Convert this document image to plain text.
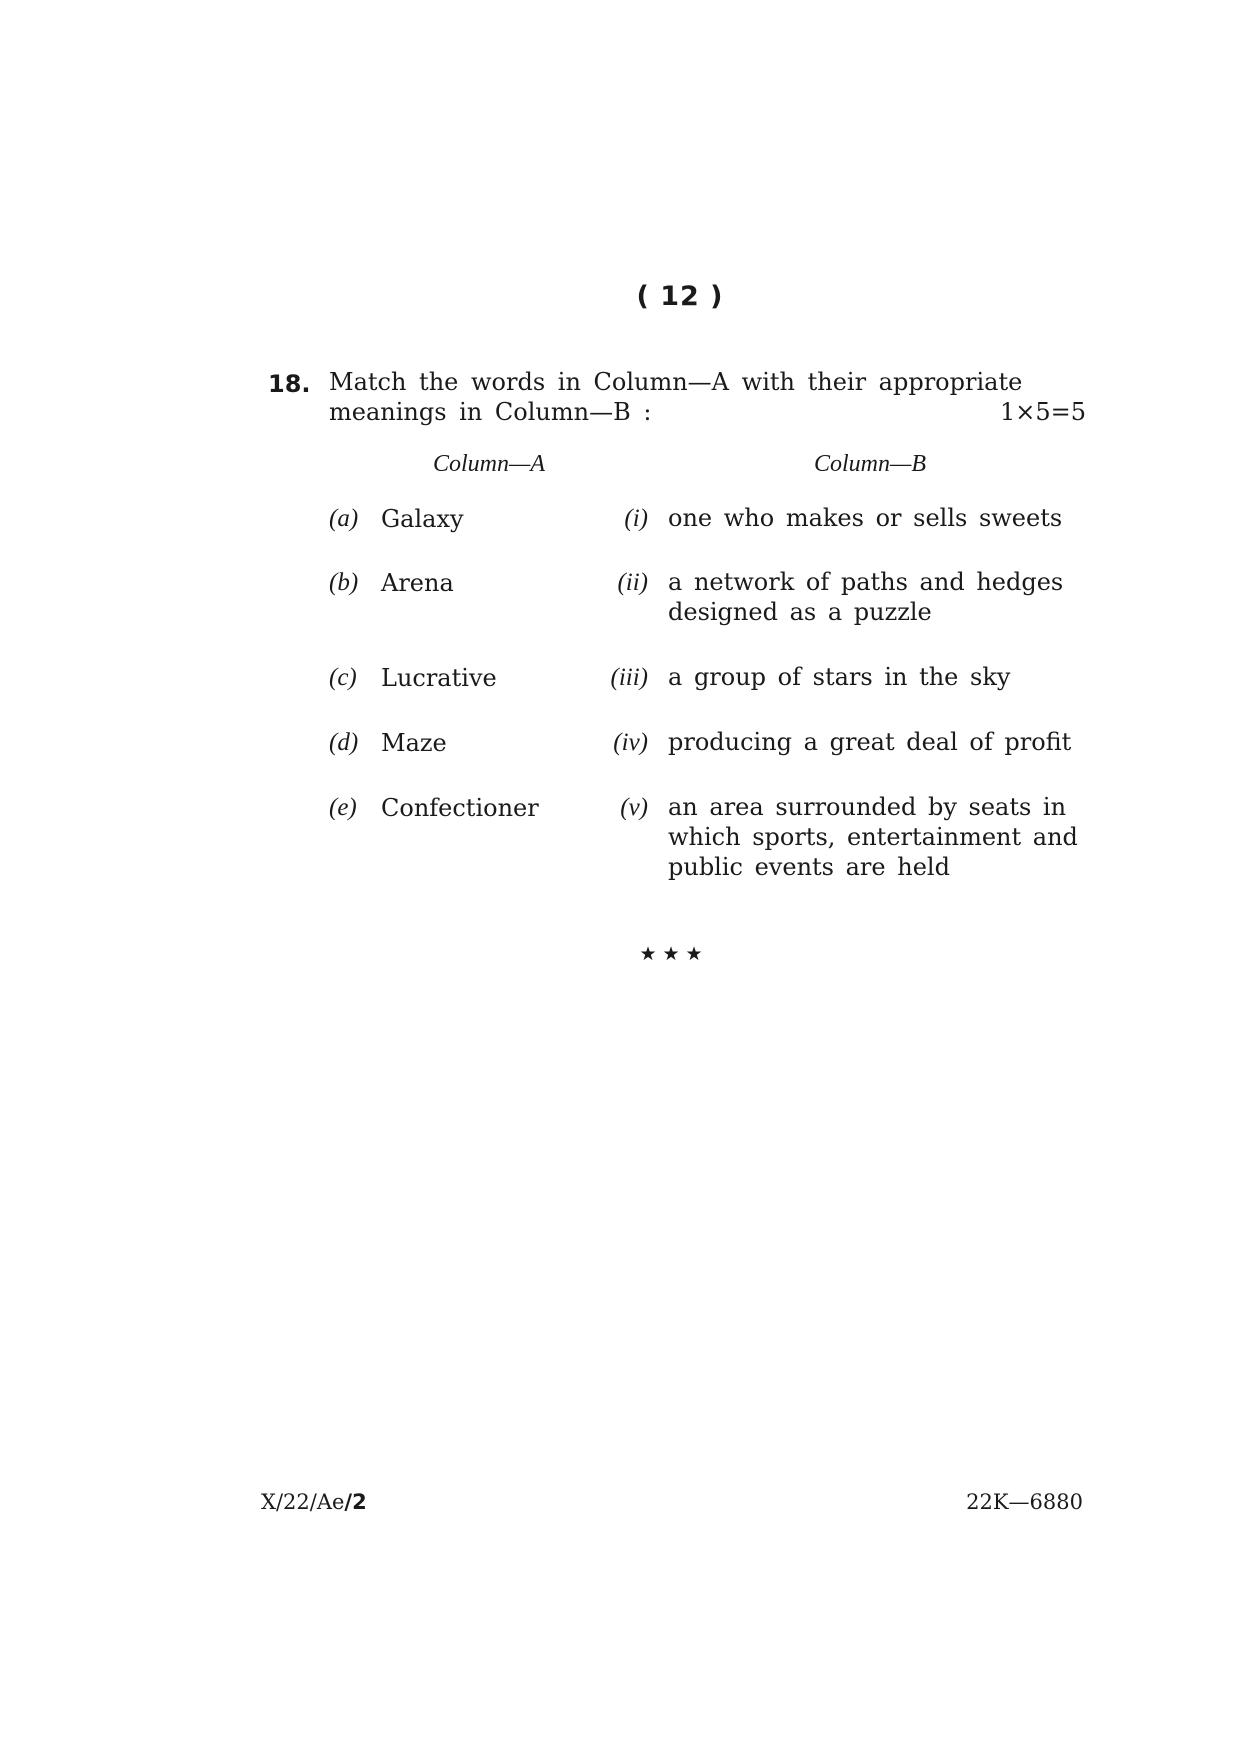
( 12 )
18. Match the words in Column—A with their appropriate
meanings in Column—B :	1×5=5
Column—A	Column—B
(a) Galaxy	(i) one who makes or sells sweets
(b) Arena	(ii) a network of paths and hedges designed as a puzzle
(c) Lucrative	(iii) a group of stars in the sky
(d) Maze	(iv) producing a great deal of profit
(e) Confectioner	(v) an area surrounded by seats in which sports, entertainment and public events are held
★★★
X/22/Ae/2	22K—6880
